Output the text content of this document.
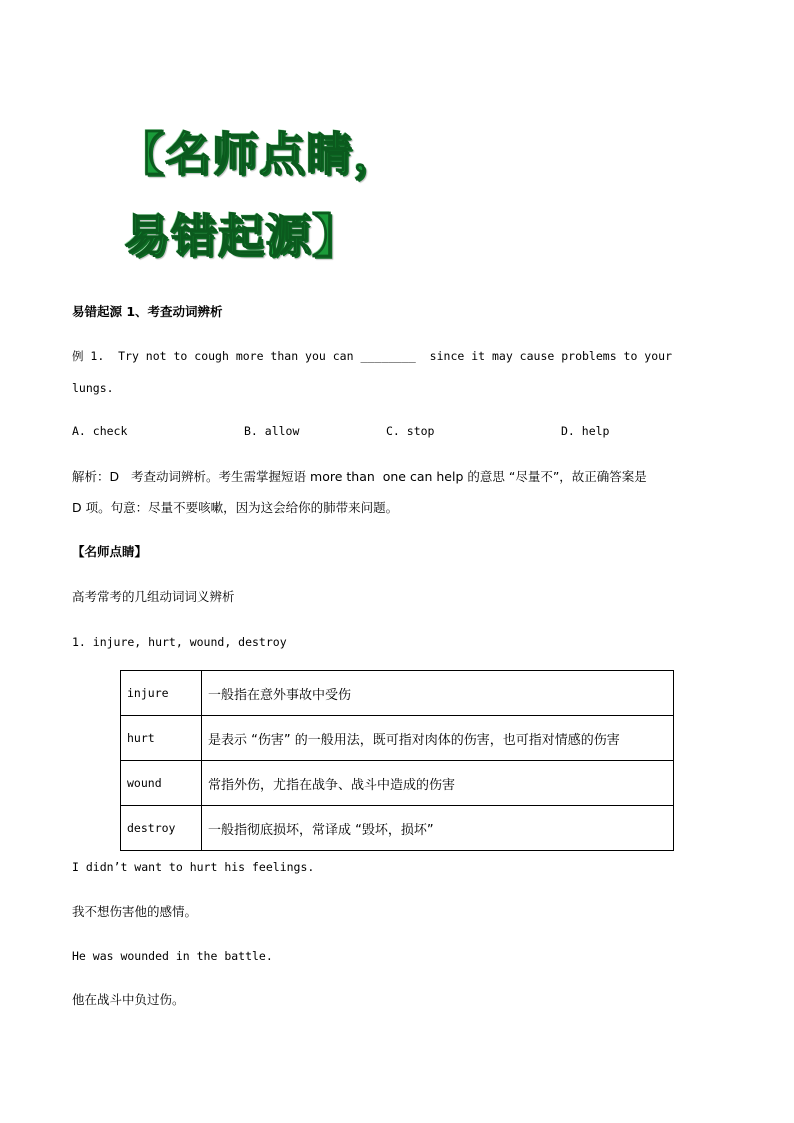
【名师点睛，
易错起源】
易错起源 1、考查动词辨析
例 1.  Try not to cough more than you can ________  since it may cause problems to your
lungs.
A. check	B. allow	C. stop	D. help
解析：D   考查动词辨析。考生需掌握短语 more than  one can help 的意思 “尽量不”，故正确答案是
D 项。句意：尽量不要咳嗽，因为这会给你的肺带来问题。
【名师点睛】
高考常考的几组动词词义辨析
1. injure, hurt, wound, destroy
injure	一般指在意外事故中受伤
hurt	是表示 “伤害” 的一般用法，既可指对肉体的伤害，也可指对情感的伤害
wound	常指外伤，尤指在战争、战斗中造成的伤害
destroy	一般指彻底损坏，常译成 “毁坏，损坏”
I didn’t want to hurt his feelings.
我不想伤害他的感情。
He was wounded in the battle.
他在战斗中负过伤。
